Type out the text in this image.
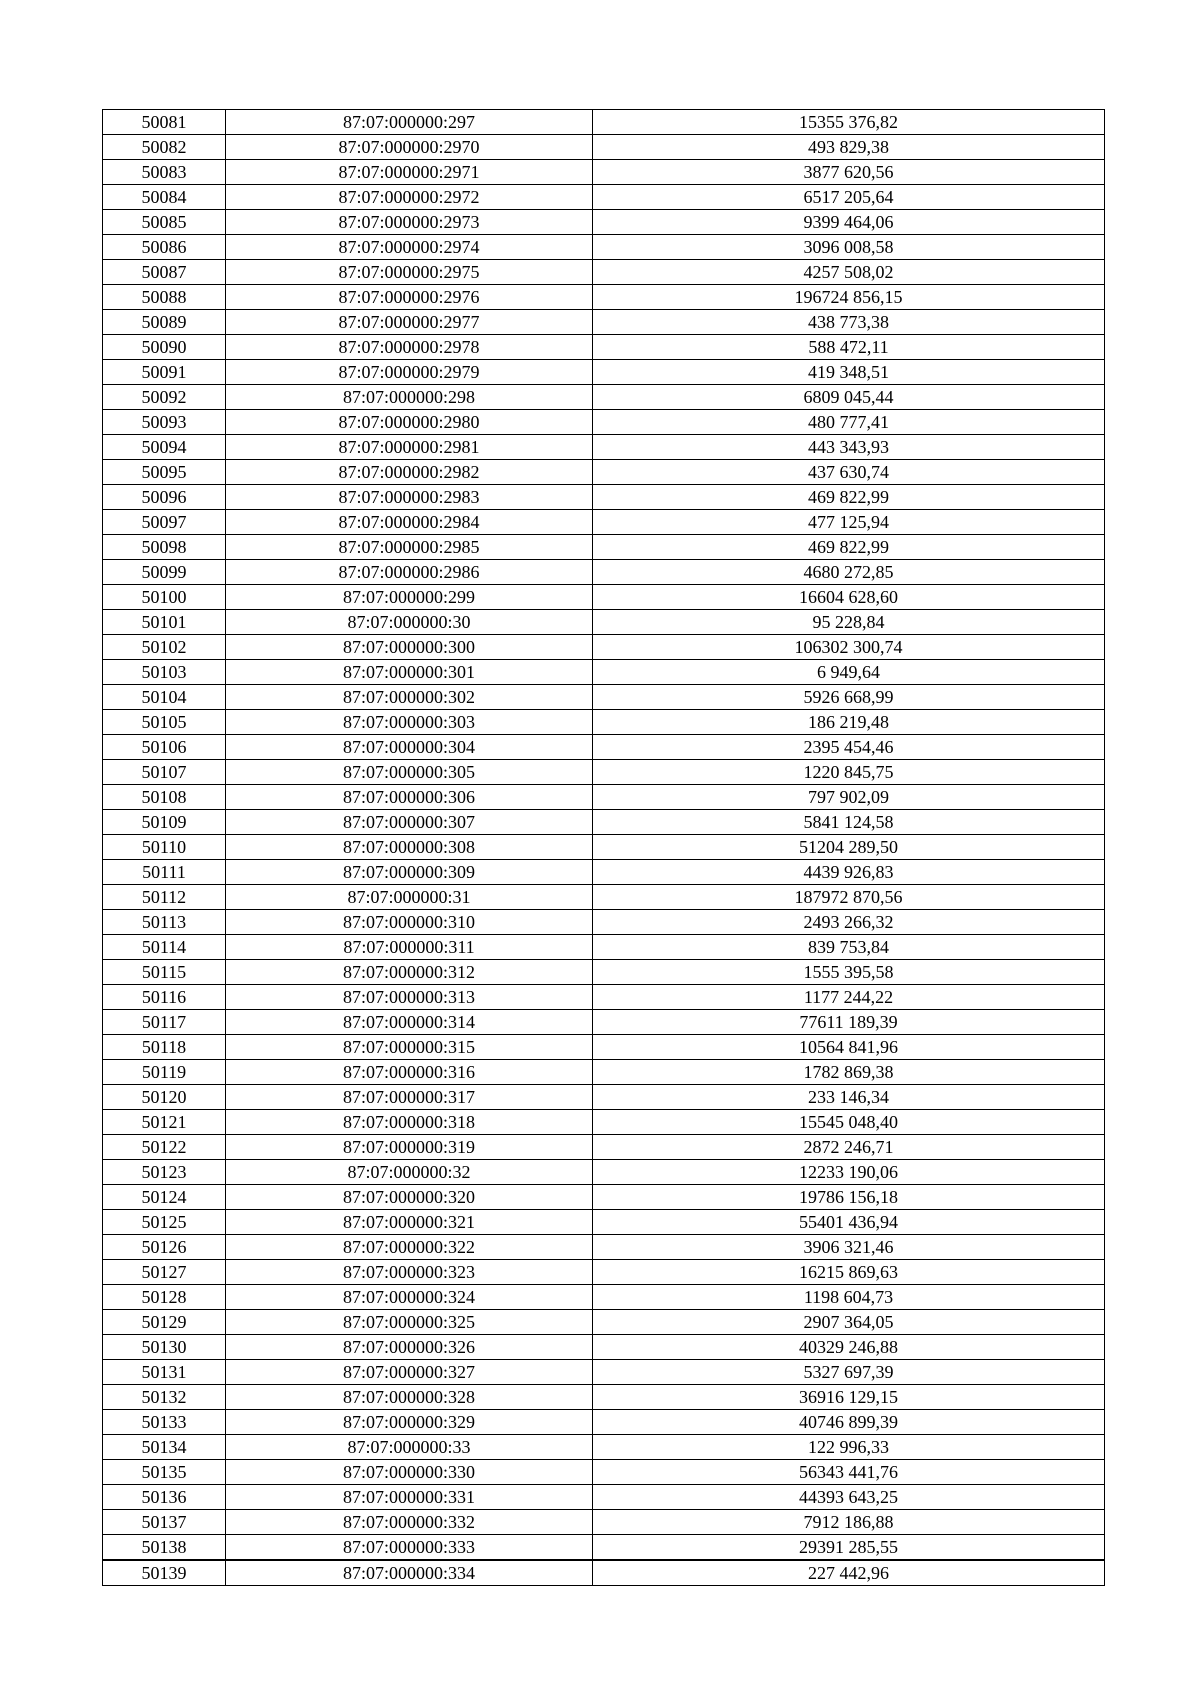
50081	87:07:000000:297	15355 376,82
50082	87:07:000000:2970	493 829,38
50083	87:07:000000:2971	3877 620,56
50084	87:07:000000:2972	6517 205,64
50085	87:07:000000:2973	9399 464,06
50086	87:07:000000:2974	3096 008,58
50087	87:07:000000:2975	4257 508,02
50088	87:07:000000:2976	196724 856,15
50089	87:07:000000:2977	438 773,38
50090	87:07:000000:2978	588 472,11
50091	87:07:000000:2979	419 348,51
50092	87:07:000000:298	6809 045,44
50093	87:07:000000:2980	480 777,41
50094	87:07:000000:2981	443 343,93
50095	87:07:000000:2982	437 630,74
50096	87:07:000000:2983	469 822,99
50097	87:07:000000:2984	477 125,94
50098	87:07:000000:2985	469 822,99
50099	87:07:000000:2986	4680 272,85
50100	87:07:000000:299	16604 628,60
50101	87:07:000000:30	95 228,84
50102	87:07:000000:300	106302 300,74
50103	87:07:000000:301	6 949,64
50104	87:07:000000:302	5926 668,99
50105	87:07:000000:303	186 219,48
50106	87:07:000000:304	2395 454,46
50107	87:07:000000:305	1220 845,75
50108	87:07:000000:306	797 902,09
50109	87:07:000000:307	5841 124,58
50110	87:07:000000:308	51204 289,50
50111	87:07:000000:309	4439 926,83
50112	87:07:000000:31	187972 870,56
50113	87:07:000000:310	2493 266,32
50114	87:07:000000:311	839 753,84
50115	87:07:000000:312	1555 395,58
50116	87:07:000000:313	1177 244,22
50117	87:07:000000:314	77611 189,39
50118	87:07:000000:315	10564 841,96
50119	87:07:000000:316	1782 869,38
50120	87:07:000000:317	233 146,34
50121	87:07:000000:318	15545 048,40
50122	87:07:000000:319	2872 246,71
50123	87:07:000000:32	12233 190,06
50124	87:07:000000:320	19786 156,18
50125	87:07:000000:321	55401 436,94
50126	87:07:000000:322	3906 321,46
50127	87:07:000000:323	16215 869,63
50128	87:07:000000:324	1198 604,73
50129	87:07:000000:325	2907 364,05
50130	87:07:000000:326	40329 246,88
50131	87:07:000000:327	5327 697,39
50132	87:07:000000:328	36916 129,15
50133	87:07:000000:329	40746 899,39
50134	87:07:000000:33	122 996,33
50135	87:07:000000:330	56343 441,76
50136	87:07:000000:331	44393 643,25
50137	87:07:000000:332	7912 186,88
50138	87:07:000000:333	29391 285,55
50139	87:07:000000:334	227 442,96
